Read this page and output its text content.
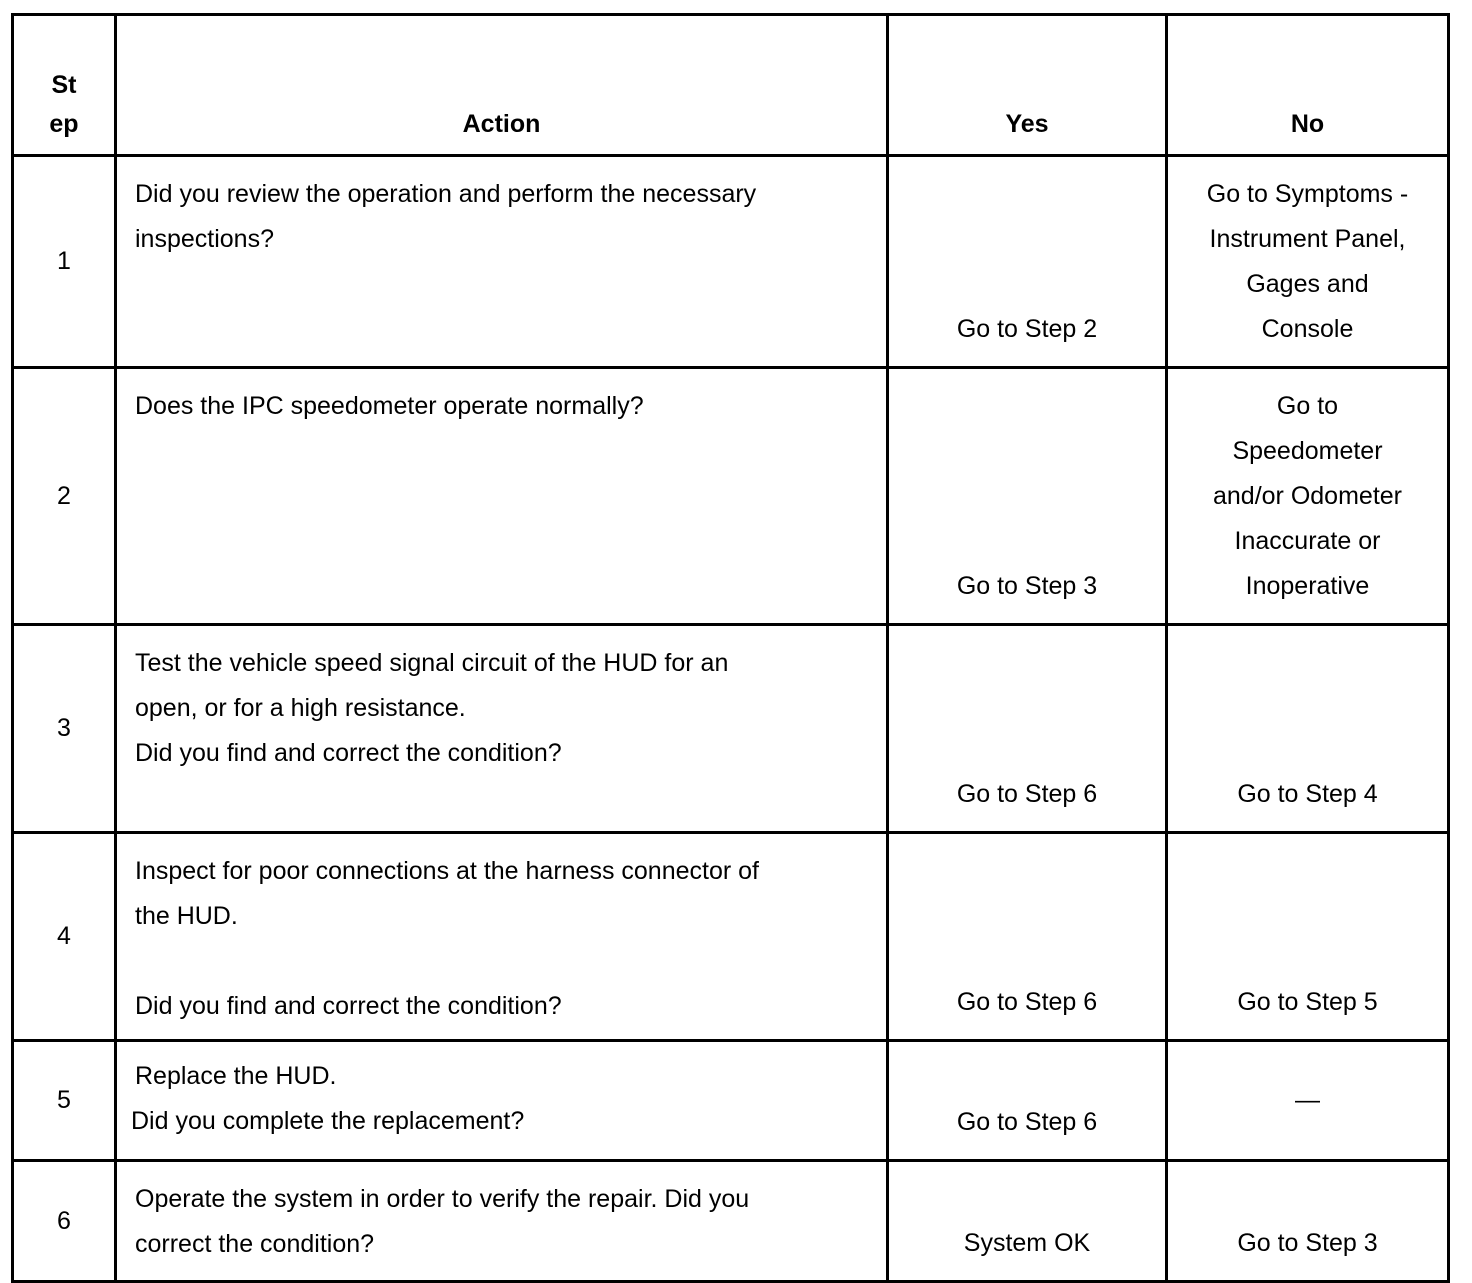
St
ep	Action	Yes	No
1	Did you review the operation and perform the necessary
inspections?	Go to Step 2	Go to Symptoms -
Instrument Panel,
Gages and
Console

2	Does the IPC speedometer operate normally?	Go to Step 3	Go to
Speedometer
and/or Odometer
Inaccurate or
Inoperative

3	Test the vehicle speed signal circuit of the HUD for an
open, or for a high resistance.
Did you find and correct the condition?	Go to Step 6	Go to Step 4
4	Inspect for poor connections at the harness connector of
the HUD.
Did you find and correct the condition?	Go to Step 6	Go to Step 5
5	Replace the HUD.
Did you complete the replacement?	Go to Step 6	—
6	Operate the system in order to verify the repair. Did you
correct the condition?	System OK	Go to Step 3
